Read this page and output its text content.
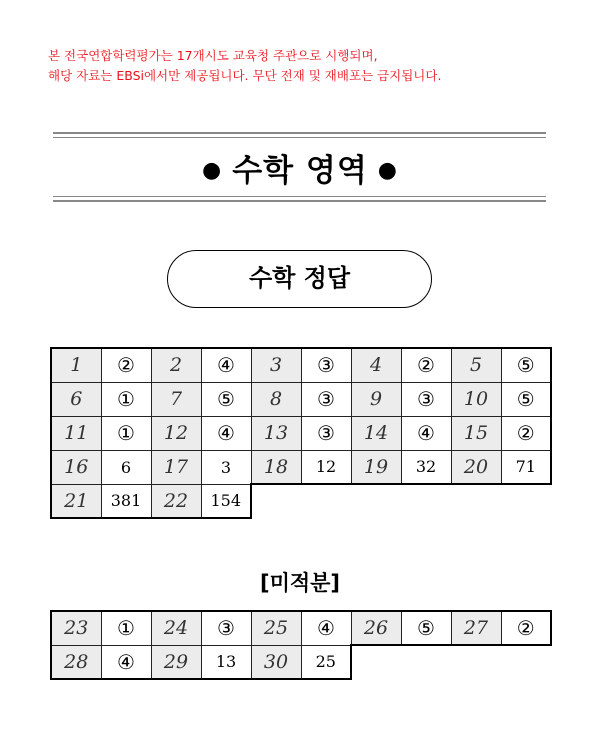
본 전국연합학력평가는 17개시도 교육청 주관으로 시행되며,
해당 자료는 EBSi에서만 제공됩니다. 무단 전재 및 재배포는 금지됩니다.
● 수학 영역 ●
수학 정답
1	②	2	④	3	③	4	②	5	⑤
6	①	7	⑤	8	③	9	③	10	⑤
11	①	12	④	13	③	14	④	15	②
16	6	17	3	18	12	19	32	20	71
21	381	22	154						
[미적분]
23	①	24	③	25	④	26	⑤	27	②
28	④	29	13	30	25				
